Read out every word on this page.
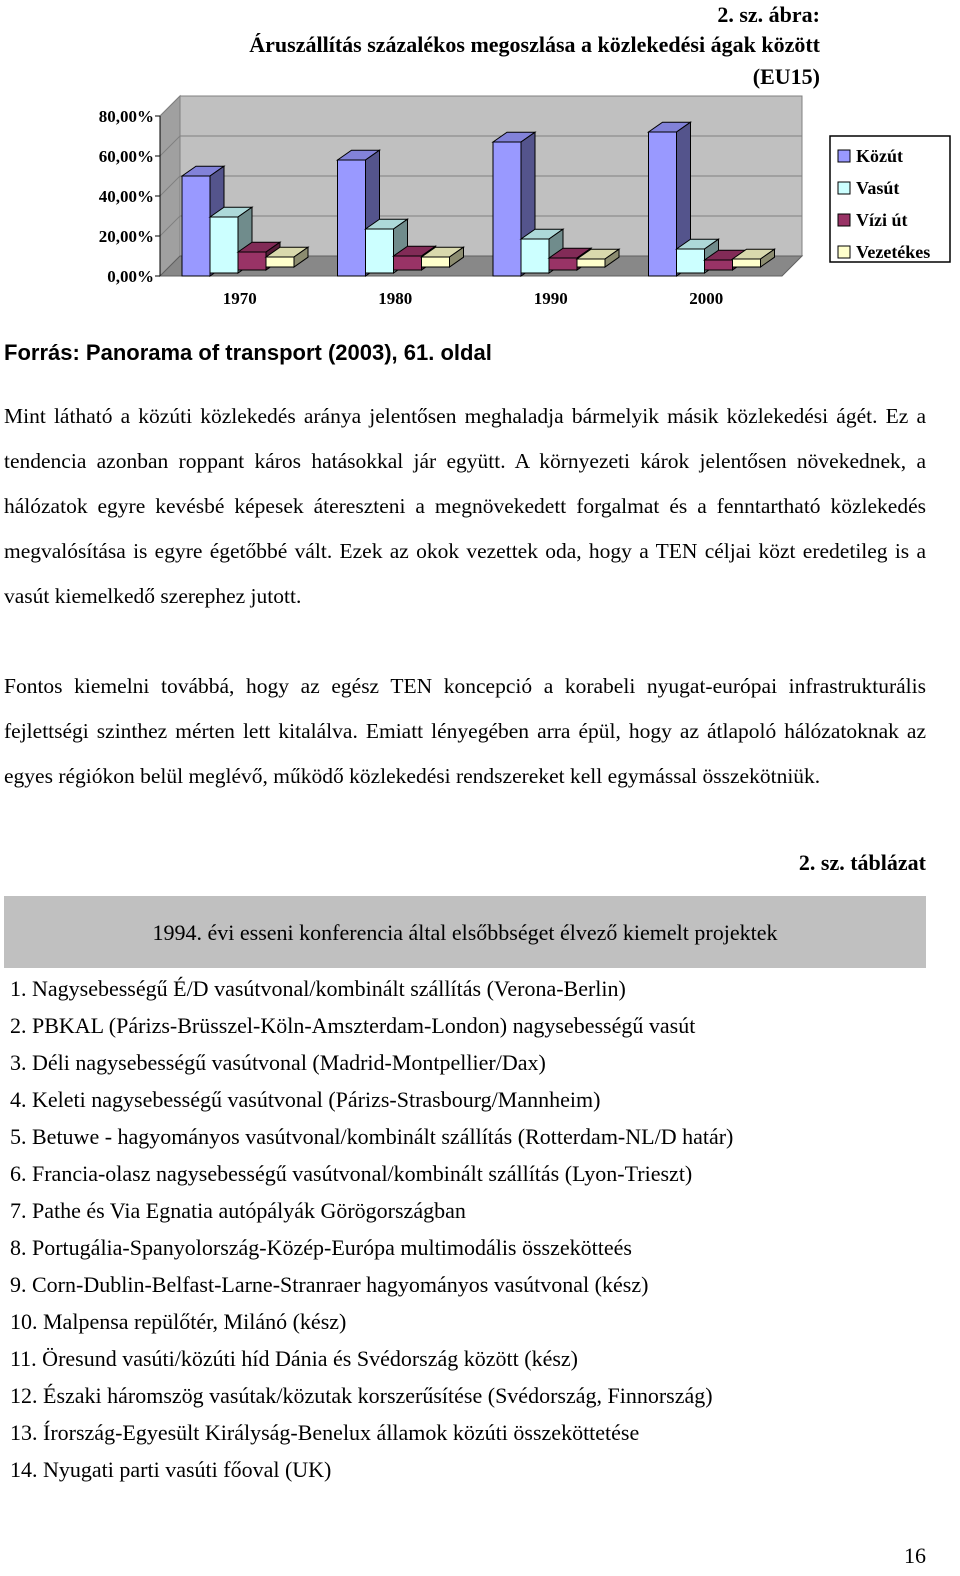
2. sz. ábra:
Áruszállítás százalékos megoszlása a közlekedési ágak között
(EU15)
0,00%
20,00%
40,00%
60,00%
80,00%
1970	1980	1990	2000
Közút
Vasút
Vízi út
Vezetékes
Forrás: Panorama of transport (2003), 61. oldal

Mint látható a közúti közlekedés aránya jelentősen meghaladja bármelyik másik közlekedési ágét. Ez a tendencia azonban roppant káros hatásokkal jár együtt. A környezeti károk jelentősen növekednek, a hálózatok egyre kevésbé képesek átereszteni a megnövekedett forgalmat és a fenntartható közlekedés megvalósítása is egyre égetőbbé vált. Ezek az okok vezettek oda, hogy a TEN céljai közt eredetileg is a vasút kiemelkedő szerephez jutott.

Fontos kiemelni továbbá, hogy az egész TEN koncepció a korabeli nyugat-európai infrastrukturális fejlettségi szinthez mérten lett kitalálva. Emiatt lényegében arra épül, hogy az átlapoló hálózatoknak az egyes régiókon belül meglévő, működő közlekedési rendszereket kell egymással összekötniük.

2. sz. táblázat
1994. évi esseni konferencia által elsőbbséget élvező kiemelt projektek
1. Nagysebességű É/D vasútvonal/kombinált szállítás (Verona-Berlin)
2. PBKAL (Párizs-Brüsszel-Köln-Amszterdam-London) nagysebességű vasút
3. Déli nagysebességű vasútvonal (Madrid-Montpellier/Dax)
4. Keleti nagysebességű vasútvonal (Párizs-Strasbourg/Mannheim)
5. Betuwe - hagyományos vasútvonal/kombinált szállítás (Rotterdam-NL/D határ)
6. Francia-olasz nagysebességű vasútvonal/kombinált szállítás (Lyon-Trieszt)
7. Pathe és Via Egnatia autópályák Görögországban
8. Portugália-Spanyolország-Közép-Európa multimodális összekötteés
9. Corn-Dublin-Belfast-Larne-Stranraer hagyományos vasútvonal (kész)
10. Malpensa repülőtér, Milánó (kész)
11. Öresund vasúti/közúti híd Dánia és Svédország között (kész)
12. Északi háromszög vasútak/közutak korszerűsítése (Svédország, Finnország)
13. Írország-Egyesült Királyság-Benelux államok közúti összeköttetése
14. Nyugati parti vasúti főoval (UK)
16
